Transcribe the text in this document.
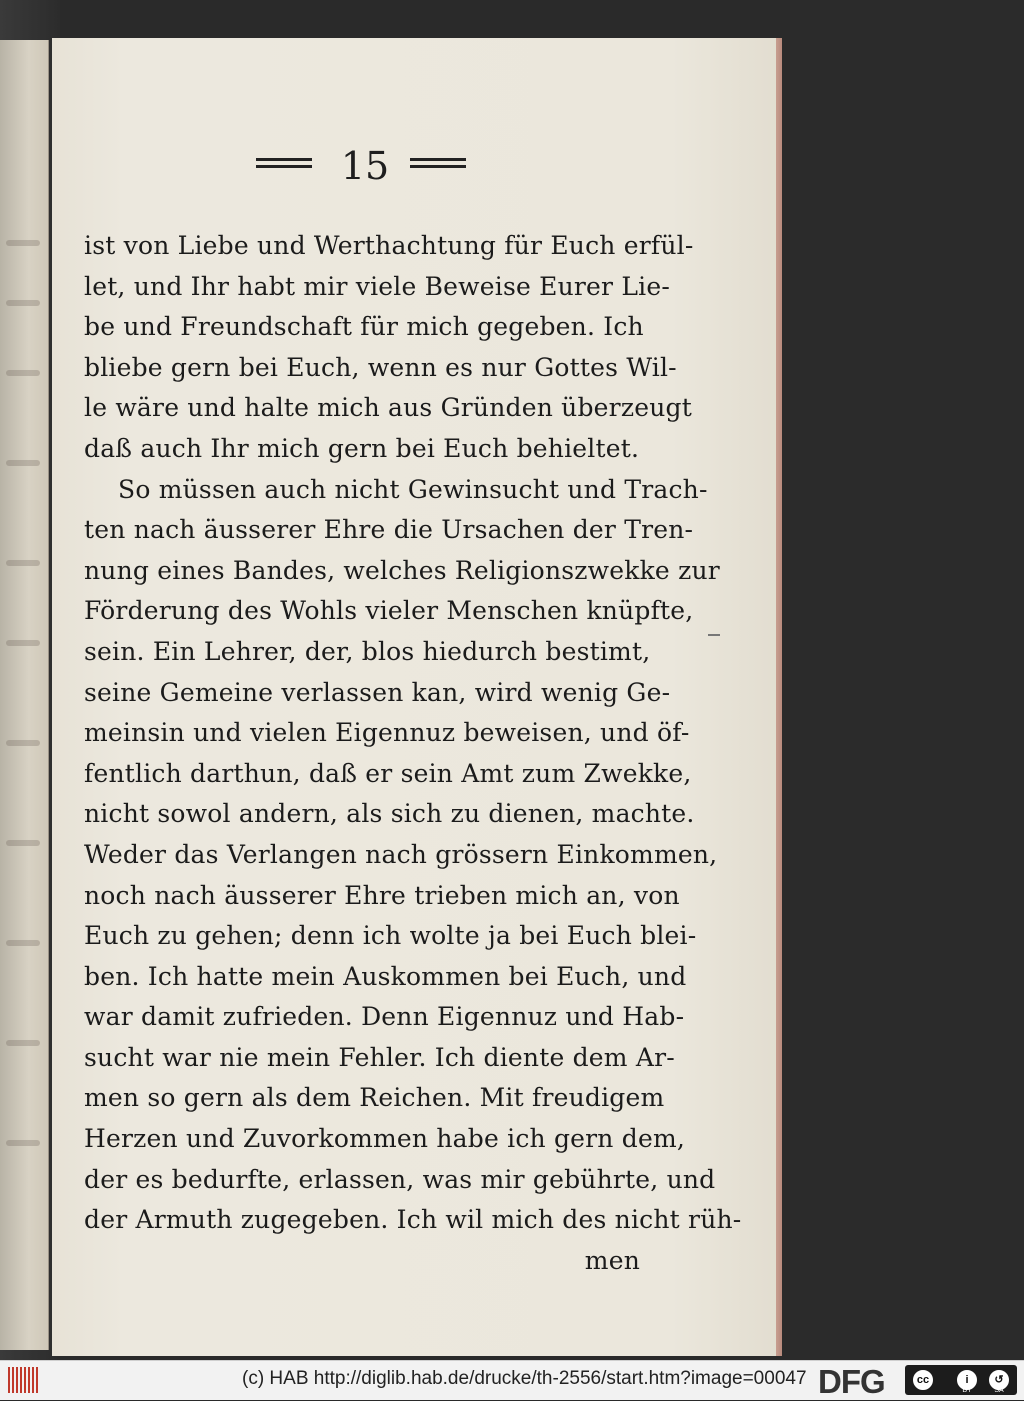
15
ist von Liebe und Werthachtung für Euch erfül-
let, und Ihr habt mir viele Beweise Eurer Lie-
be und Freundschaft für mich gegeben. Ich
bliebe gern bei Euch, wenn es nur Gottes Wil-
le wäre und halte mich aus Gründen überzeugt
daß auch Ihr mich gern bei Euch behieltet.
So müssen auch nicht Gewinsucht und Trach-
ten nach äusserer Ehre die Ursachen der Tren-
nung eines Bandes, welches Religionszwekke zur
Förderung des Wohls vieler Menschen knüpfte,
sein. Ein Lehrer, der, blos hiedurch bestimt,
seine Gemeine verlassen kan, wird wenig Ge-
meinsin und vielen Eigennuz beweisen, und öf-
fentlich darthun, daß er sein Amt zum Zwekke,
nicht sowol andern, als sich zu dienen, machte.
Weder das Verlangen nach grössern Einkommen,
noch nach äusserer Ehre trieben mich an, von
Euch zu gehen; denn ich wolte ja bei Euch blei-
ben. Ich hatte mein Auskommen bei Euch, und
war damit zufrieden. Denn Eigennuz und Hab-
sucht war nie mein Fehler. Ich diente dem Ar-
men so gern als dem Reichen. Mit freudigem
Herzen und Zuvorkommen habe ich gern dem,
der es bedurfte, erlassen, was mir gebührte, und
der Armuth zugegeben. Ich wil mich des nicht rüh-
men
(c) HAB http://diglib.hab.de/drucke/th-2556/start.htm?image=00047 DFG	cc	i	↺
BY	SA
